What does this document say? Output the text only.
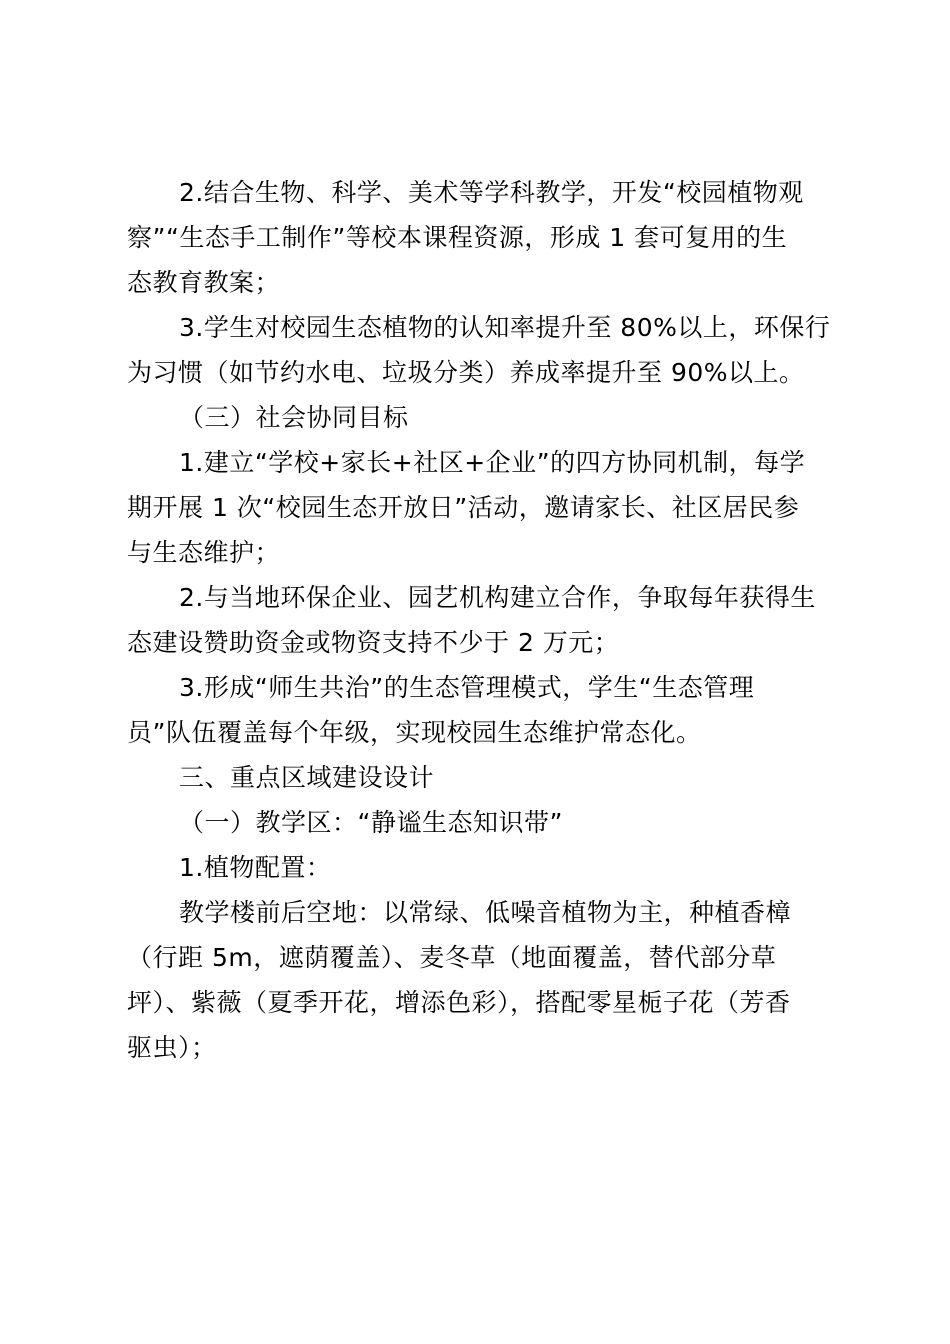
2.结合生物、科学、美术等学科教学，开发“校园植物观
察”“生态手工制作”等校本课程资源，形成 1 套可复用的生
态教育教案；

3.学生对校园生态植物的认知率提升至 80%以上，环保行
为习惯（如节约水电、垃圾分类）养成率提升至 90%以上。

（三）社会协同目标

1.建立“学校+家长+社区+企业”的四方协同机制，每学
期开展 1 次“校园生态开放日”活动，邀请家长、社区居民参
与生态维护；

2.与当地环保企业、园艺机构建立合作，争取每年获得生
态建设赞助资金或物资支持不少于 2 万元；

3.形成“师生共治”的生态管理模式，学生“生态管理
员”队伍覆盖每个年级，实现校园生态维护常态化。

三、重点区域建设设计

（一）教学区：“静谧生态知识带”

1.植物配置：

教学楼前后空地：以常绿、低噪音植物为主，种植香樟
（行距 5m，遮荫覆盖）、麦冬草（地面覆盖，替代部分草
坪）、紫薇（夏季开花，增添色彩），搭配零星栀子花（芳香
驱虫）；
